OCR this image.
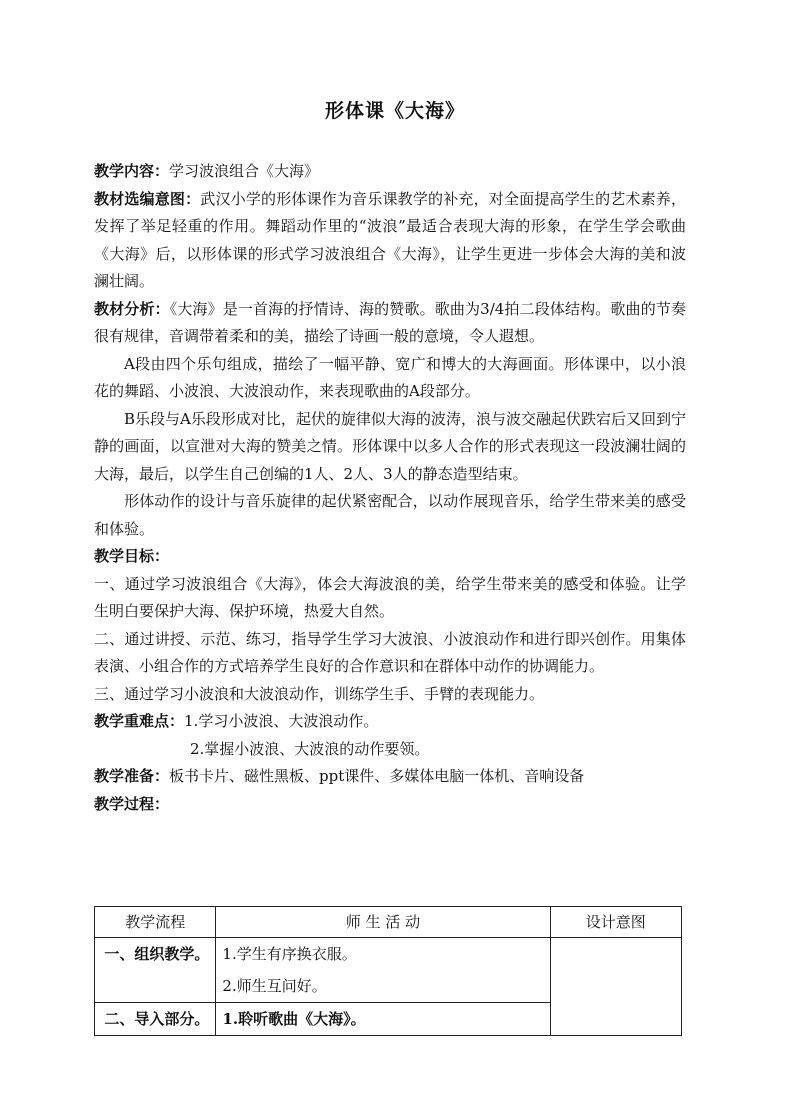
形体课《大海》

教学内容：学习波浪组合《大海》

教材选编意图：武汉小学的形体课作为音乐课教学的补充，对全面提高学生的艺术素养，发挥了举足轻重的作用。舞蹈动作里的“波浪”最适合表现大海的形象，在学生学会歌曲《大海》后，以形体课的形式学习波浪组合《大海》，让学生更进一步体会大海的美和波澜壮阔。

教材分析：《大海》是一首海的抒情诗、海的赞歌。歌曲为3/4拍二段体结构。歌曲的节奏很有规律，音调带着柔和的美，描绘了诗画一般的意境，令人遐想。

A段由四个乐句组成，描绘了一幅平静、宽广和博大的大海画面。形体课中，以小浪花的舞蹈、小波浪、大波浪动作，来表现歌曲的A段部分。

B乐段与A乐段形成对比，起伏的旋律似大海的波涛，浪与波交融起伏跌宕后又回到宁静的画面，以宣泄对大海的赞美之情。形体课中以多人合作的形式表现这一段波澜壮阔的大海，最后，以学生自己创编的1人、2人、3人的静态造型结束。

形体动作的设计与音乐旋律的起伏紧密配合，以动作展现音乐，给学生带来美的感受和体验。

教学目标：

一、通过学习波浪组合《大海》，体会大海波浪的美，给学生带来美的感受和体验。让学生明白要保护大海、保护环境，热爱大自然。

二、通过讲授、示范、练习，指导学生学习大波浪、小波浪动作和进行即兴创作。用集体表演、小组合作的方式培养学生良好的合作意识和在群体中动作的协调能力。

三、通过学习小波浪和大波浪动作，训练学生手、手臂的表现能力。

教学重难点：1.学习小波浪、大波浪动作。

2.掌握小波浪、大波浪的动作要领。

教学准备：板书卡片、磁性黑板、ppt课件、多媒体电脑一体机、音响设备

教学过程：

教学流程	师 生 活 动	设计意图

一、组织教学。	1.学生有序换衣服。
2.师生互问好。	

二、导入部分。	1.聆听歌曲《大海》。	
